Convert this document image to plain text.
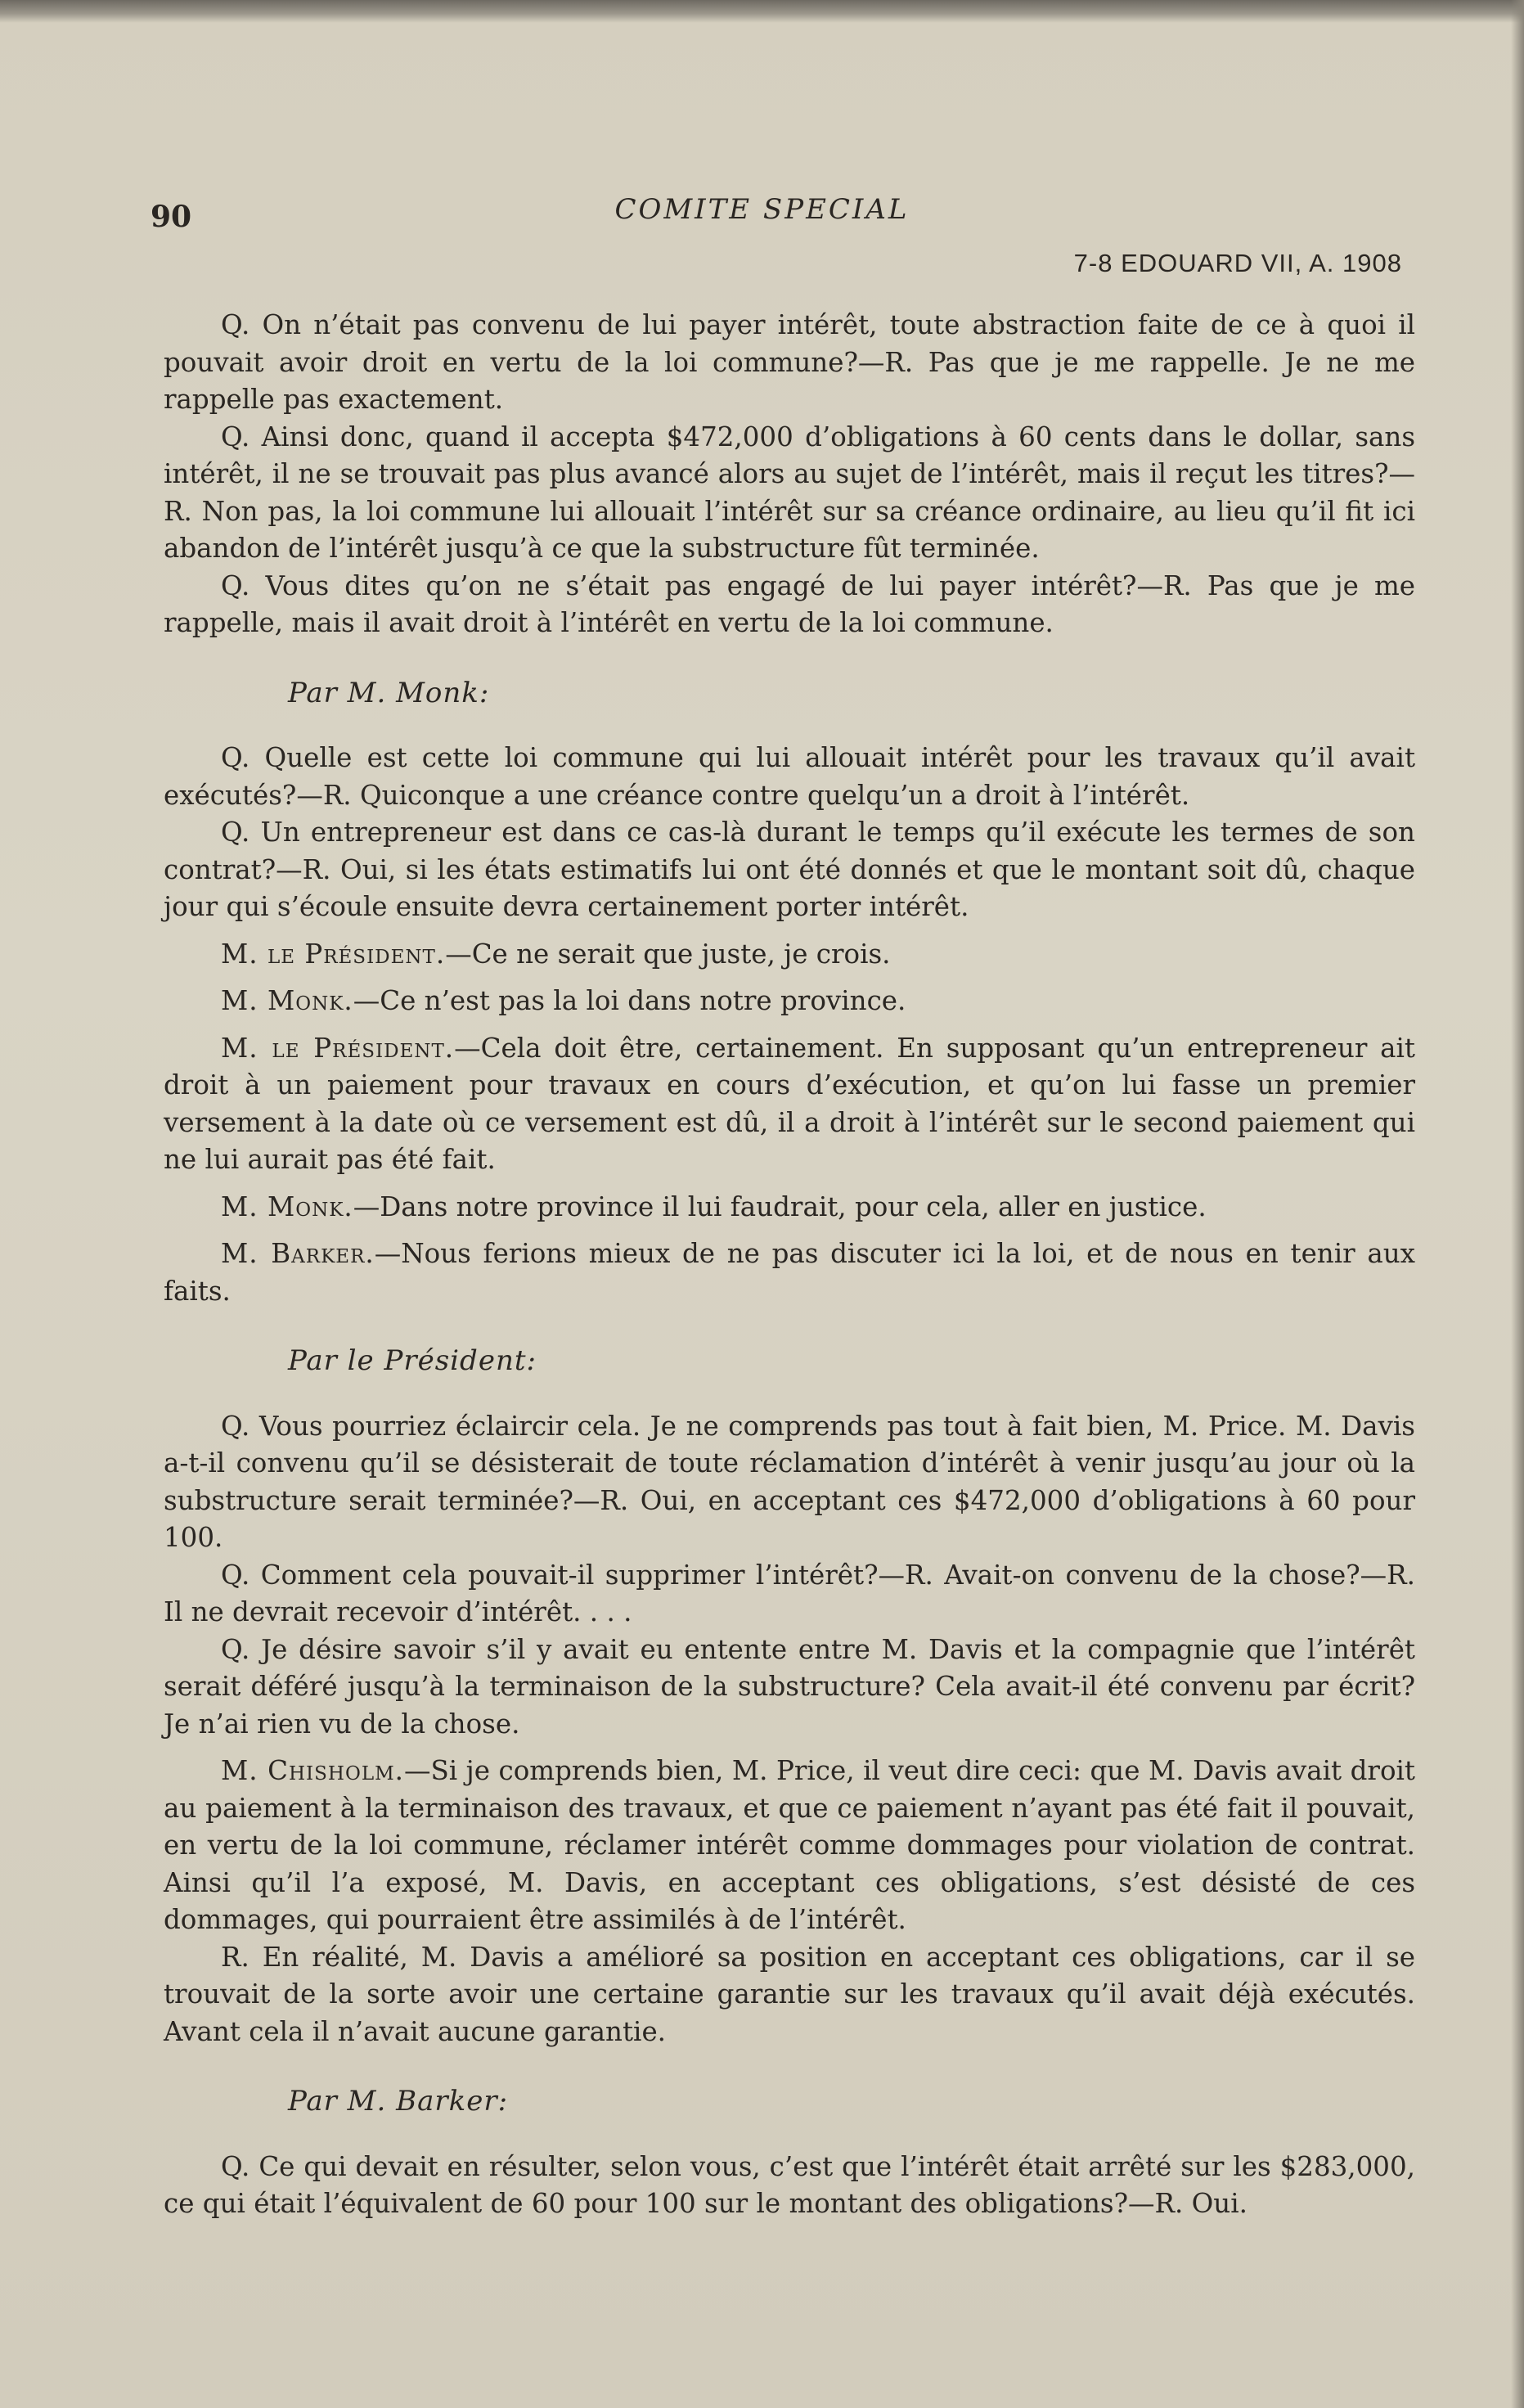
90	COMITE SPECIAL
7-8 EDOUARD VII, A. 1908

Q. On n’était pas convenu de lui payer intérêt, toute abstraction faite de ce à quoi il pouvait avoir droit en vertu de la loi commune?—R. Pas que je me rappelle. Je ne me rappelle pas exactement.

Q. Ainsi donc, quand il accepta $472,000 d’obligations à 60 cents dans le dollar, sans intérêt, il ne se trouvait pas plus avancé alors au sujet de l’intérêt, mais il reçut les titres?—R. Non pas, la loi commune lui allouait l’intérêt sur sa créance ordinaire, au lieu qu’il fit ici abandon de l’intérêt jusqu’à ce que la substructure fût terminée.

Q. Vous dites qu’on ne s’était pas engagé de lui payer intérêt?—R. Pas que je me rappelle, mais il avait droit à l’intérêt en vertu de la loi commune.

Par M. Monk:

Q. Quelle est cette loi commune qui lui allouait intérêt pour les travaux qu’il avait exécutés?—R. Quiconque a une créance contre quelqu’un a droit à l’intérêt.

Q. Un entrepreneur est dans ce cas-là durant le temps qu’il exécute les termes de son contrat?—R. Oui, si les états estimatifs lui ont été donnés et que le montant soit dû, chaque jour qui s’écoule ensuite devra certainement porter intérêt.

M. le Président.—Ce ne serait que juste, je crois.

M. Monk.—Ce n’est pas la loi dans notre province.

M. le Président.—Cela doit être, certainement. En supposant qu’un entrepreneur ait droit à un paiement pour travaux en cours d’exécution, et qu’on lui fasse un premier versement à la date où ce versement est dû, il a droit à l’intérêt sur le second paiement qui ne lui aurait pas été fait.

M. Monk.—Dans notre province il lui faudrait, pour cela, aller en justice.

M. Barker.—Nous ferions mieux de ne pas discuter ici la loi, et de nous en tenir aux faits.

Par le Président:

Q. Vous pourriez éclaircir cela. Je ne comprends pas tout à fait bien, M. Price. M. Davis a-t-il convenu qu’il se désisterait de toute réclamation d’intérêt à venir jusqu’au jour où la substructure serait terminée?—R. Oui, en acceptant ces $472,000 d’obligations à 60 pour 100.

Q. Comment cela pouvait-il supprimer l’intérêt?—R. Avait-on convenu de la chose?—R. Il ne devrait recevoir d’intérêt. . . .

Q. Je désire savoir s’il y avait eu entente entre M. Davis et la compagnie que l’intérêt serait déféré jusqu’à la terminaison de la substructure? Cela avait-il été convenu par écrit? Je n’ai rien vu de la chose.

M. Chisholm.—Si je comprends bien, M. Price, il veut dire ceci: que M. Davis avait droit au paiement à la terminaison des travaux, et que ce paiement n’ayant pas été fait il pouvait, en vertu de la loi commune, réclamer intérêt comme dommages pour violation de contrat. Ainsi qu’il l’a exposé, M. Davis, en acceptant ces obligations, s’est désisté de ces dommages, qui pourraient être assimilés à de l’intérêt.

R. En réalité, M. Davis a amélioré sa position en acceptant ces obligations, car il se trouvait de la sorte avoir une certaine garantie sur les travaux qu’il avait déjà exécutés. Avant cela il n’avait aucune garantie.

Par M. Barker:

Q. Ce qui devait en résulter, selon vous, c’est que l’intérêt était arrêté sur les $283,000, ce qui était l’équivalent de 60 pour 100 sur le montant des obligations?—R. Oui.
